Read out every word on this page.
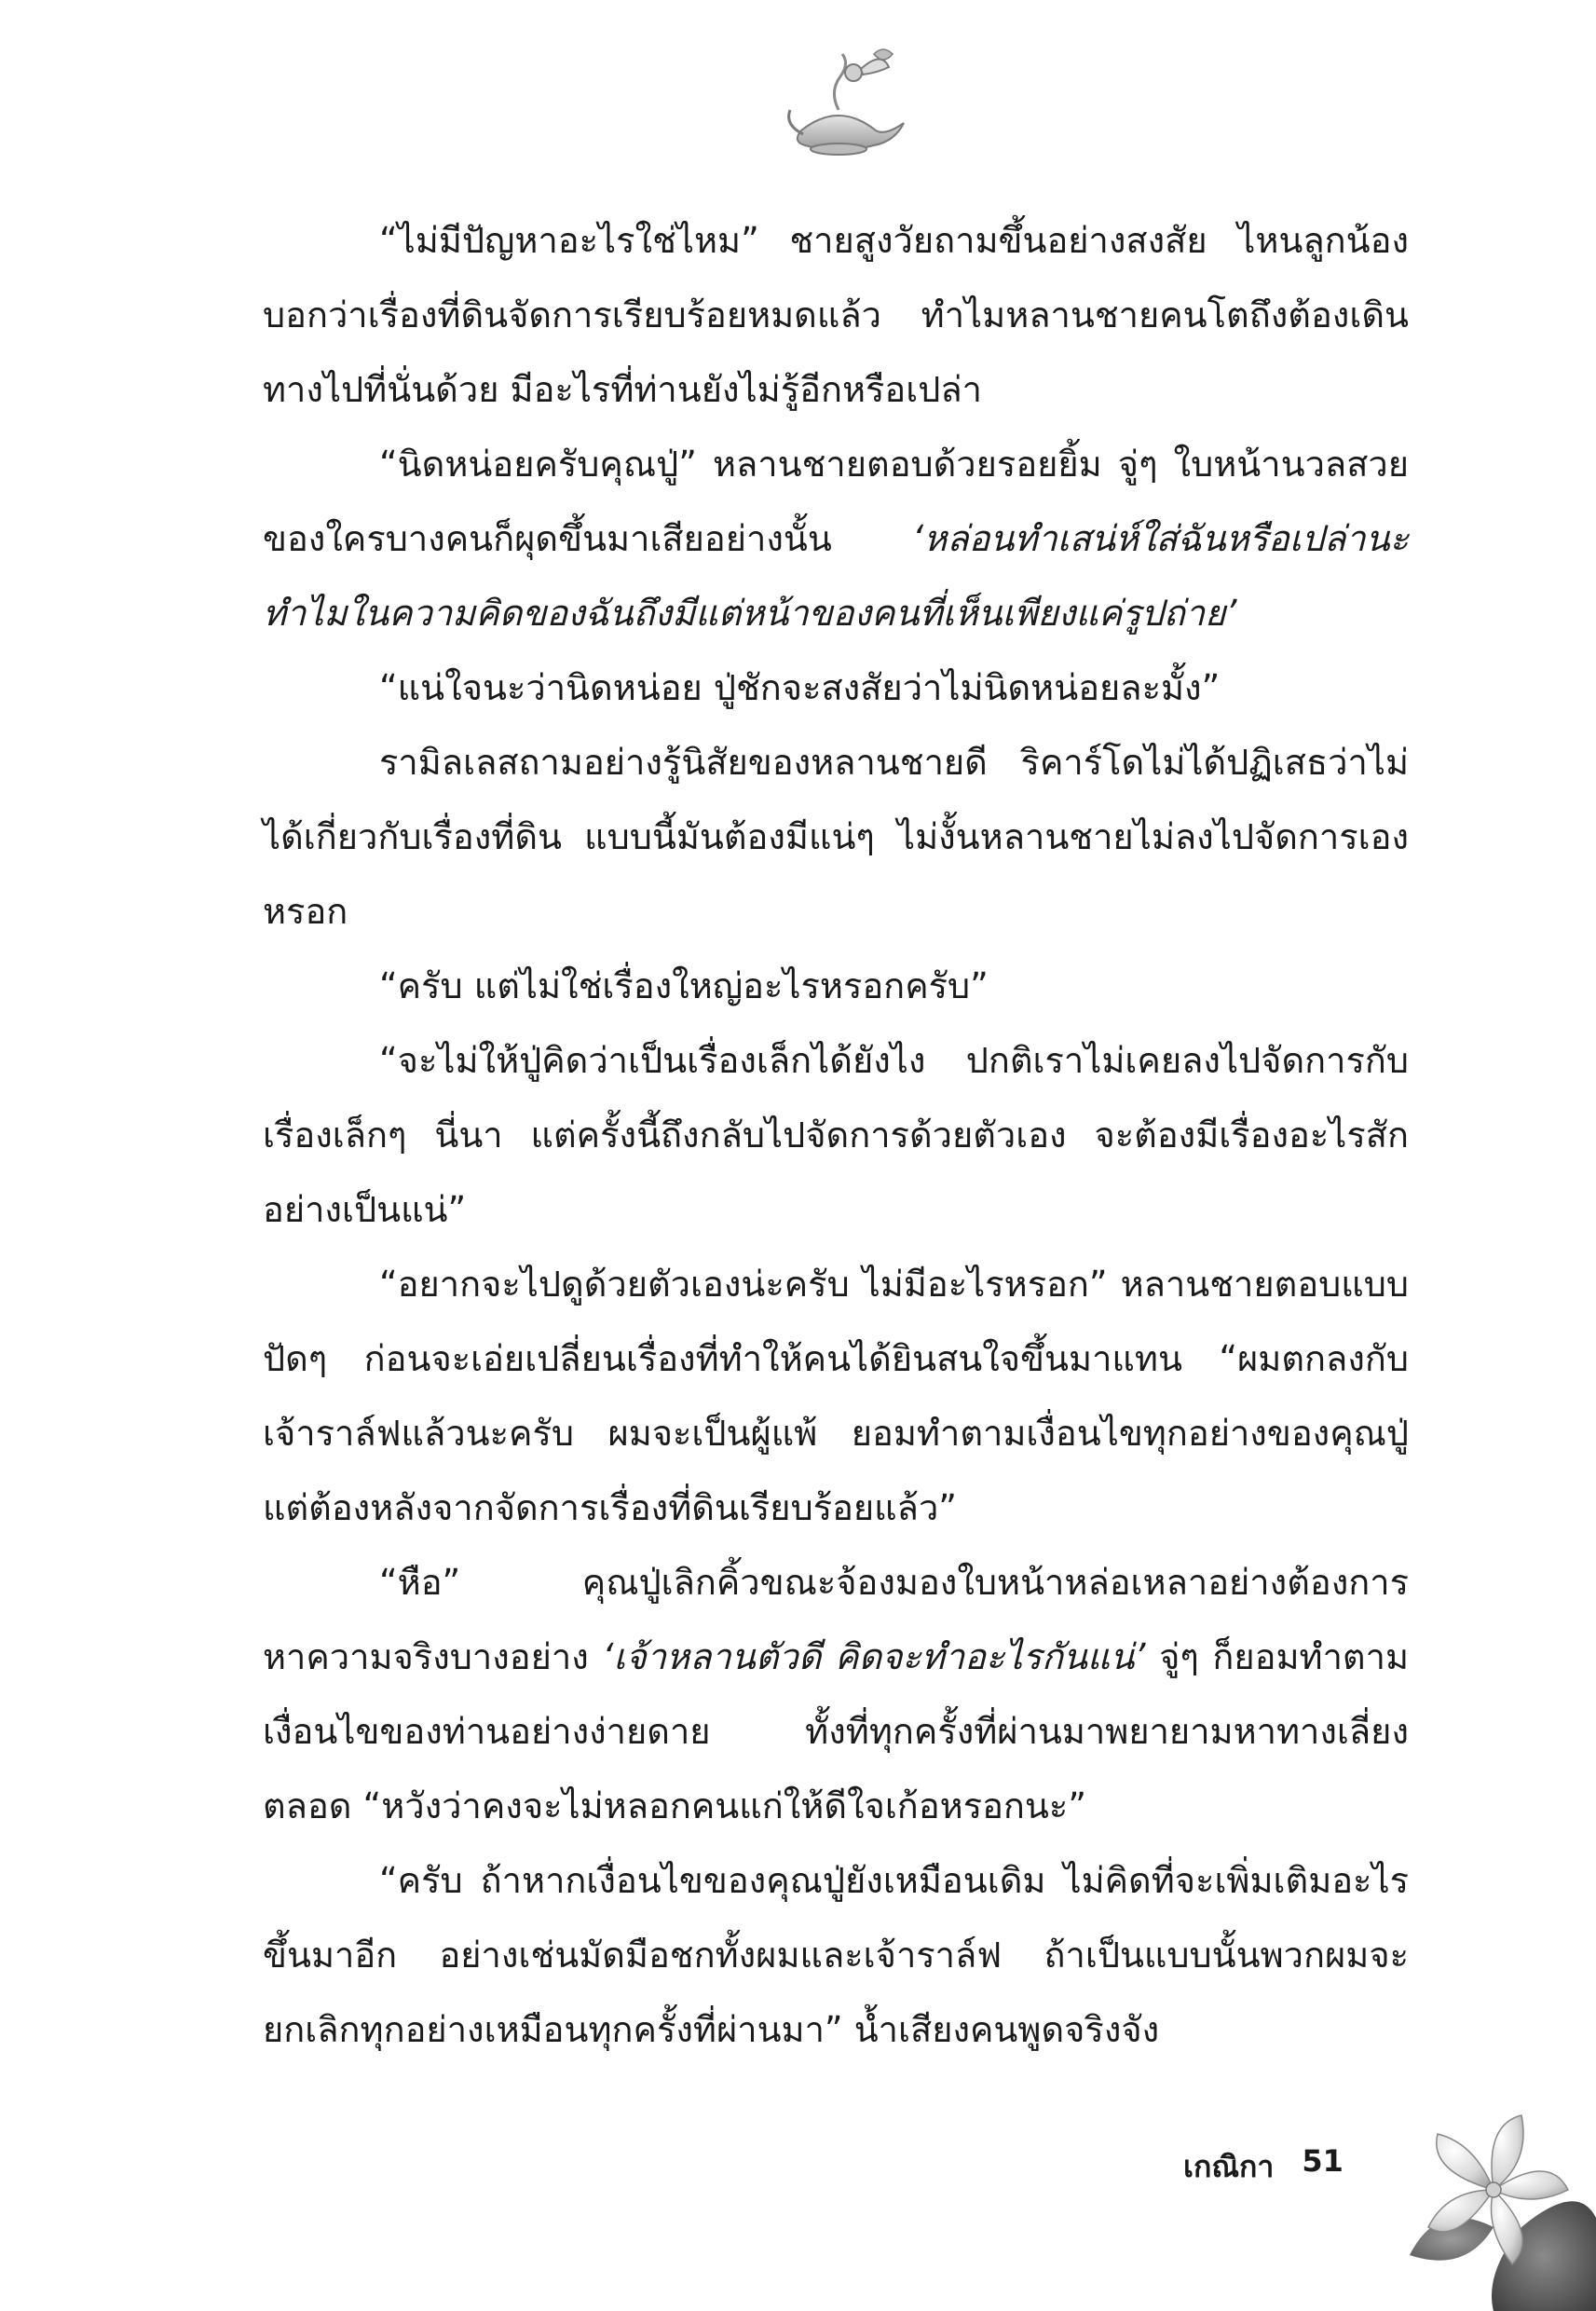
“ไม่มีปัญหาอะไรใช่ไหม” ชายสูงวัยถามขึ้นอย่างสงสัย ไหนลูกน้องบอกว่าเรื่องที่ดินจัดการเรียบร้อยหมดแล้ว ทำไมหลานชายคนโตถึงต้องเดินทางไปที่นั่นด้วย มีอะไรที่ท่านยังไม่รู้อีกหรือเปล่า

“นิดหน่อยครับคุณปู่” หลานชายตอบด้วยรอยยิ้ม จู่ๆ ใบหน้านวลสวยของใครบางคนก็ผุดขึ้นมาเสียอย่างนั้น ‘หล่อนทำเสน่ห์ใส่ฉันหรือเปล่านะ ทำไมในความคิดของฉันถึงมีแต่หน้าของคนที่เห็นเพียงแค่รูปถ่าย’

“แน่ใจนะว่านิดหน่อย ปู่ชักจะสงสัยว่าไม่นิดหน่อยละมั้ง”

รามิลเลสถามอย่างรู้นิสัยของหลานชายดี ริคาร์โดไม่ได้ปฏิเสธว่าไม่ได้เกี่ยวกับเรื่องที่ดิน แบบนี้มันต้องมีแน่ๆ ไม่งั้นหลานชายไม่ลงไปจัดการเองหรอก

“ครับ แต่ไม่ใช่เรื่องใหญ่อะไรหรอกครับ”

“จะไม่ให้ปู่คิดว่าเป็นเรื่องเล็กได้ยังไง ปกติเราไม่เคยลงไปจัดการกับเรื่องเล็กๆ นี่นา แต่ครั้งนี้ถึงกลับไปจัดการด้วยตัวเอง จะต้องมีเรื่องอะไรสักอย่างเป็นแน่”

“อยากจะไปดูด้วยตัวเองน่ะครับ ไม่มีอะไรหรอก” หลานชายตอบแบบปัดๆ ก่อนจะเอ่ยเปลี่ยนเรื่องที่ทำให้คนได้ยินสนใจขึ้นมาแทน “ผมตกลงกับเจ้าราล์ฟแล้วนะครับ ผมจะเป็นผู้แพ้ ยอมทำตามเงื่อนไขทุกอย่างของคุณปู่ แต่ต้องหลังจากจัดการเรื่องที่ดินเรียบร้อยแล้ว”

“หือ” คุณปู่เลิกคิ้วขณะจ้องมองใบหน้าหล่อเหลาอย่างต้องการหาความจริงบางอย่าง ‘เจ้าหลานตัวดี คิดจะทำอะไรกันแน่’ จู่ๆ ก็ยอมทำตามเงื่อนไขของท่านอย่างง่ายดาย ทั้งที่ทุกครั้งที่ผ่านมาพยายามหาทางเลี่ยงตลอด “หวังว่าคงจะไม่หลอกคนแก่ให้ดีใจเก้อหรอกนะ”

“ครับ ถ้าหากเงื่อนไขของคุณปู่ยังเหมือนเดิม ไม่คิดที่จะเพิ่มเติมอะไรขึ้นมาอีก อย่างเช่นมัดมือชกทั้งผมและเจ้าราล์ฟ ถ้าเป็นแบบนั้นพวกผมจะยกเลิกทุกอย่างเหมือนทุกครั้งที่ผ่านมา” น้ำเสียงคนพูดจริงจัง

เกณิกา 51
